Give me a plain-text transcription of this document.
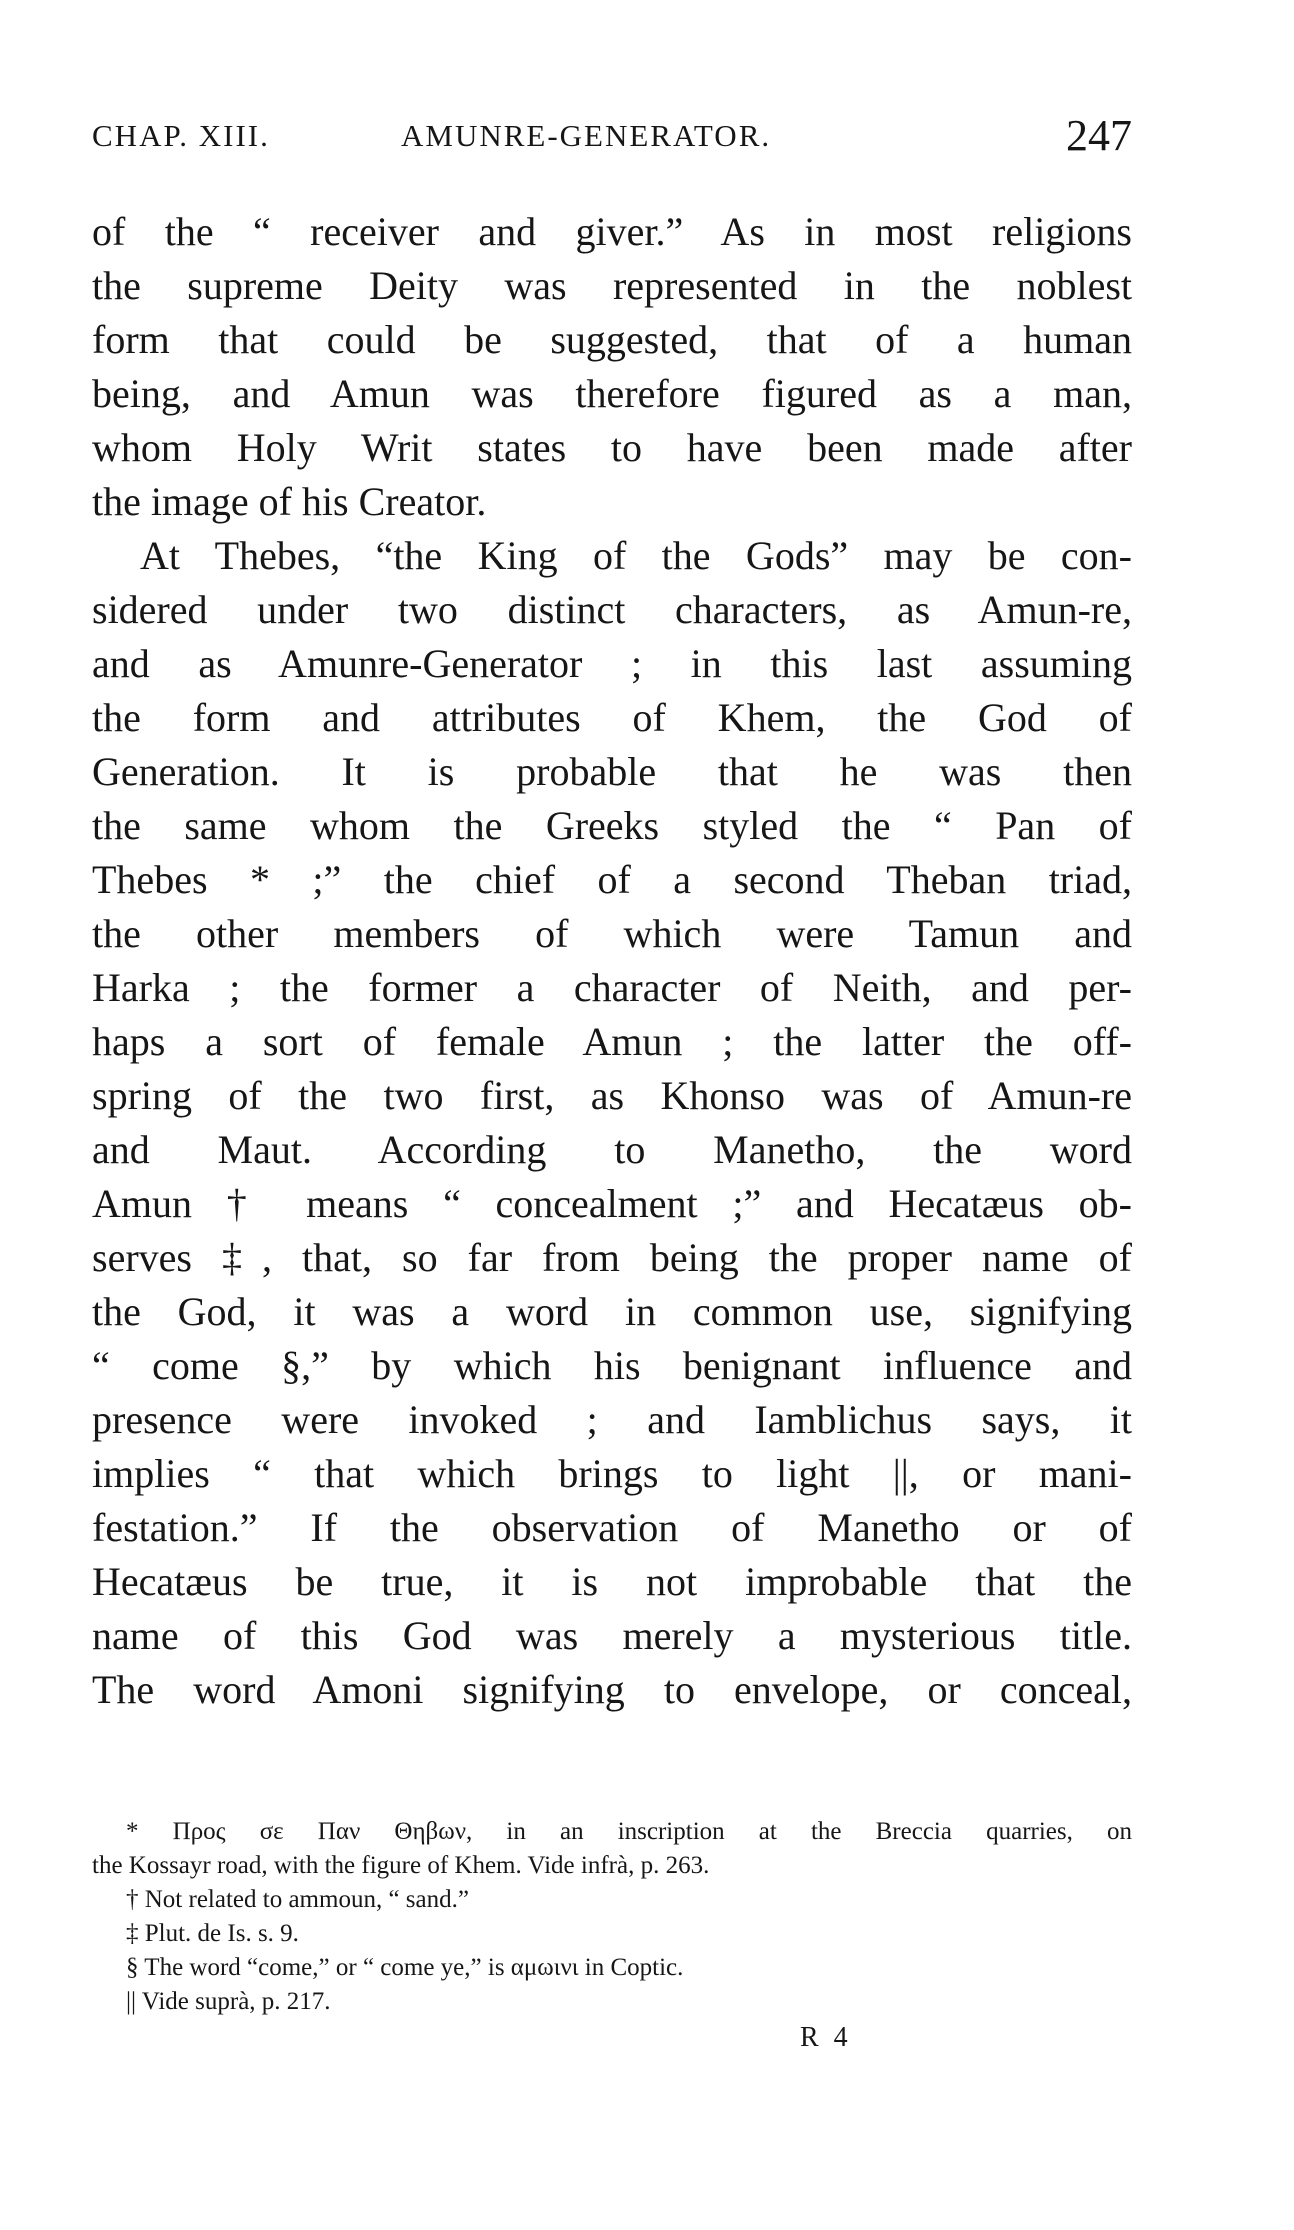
CHAP. XIII.	AMUNRE-GENERATOR.	247
of the “ receiver and giver.” As in most religions
the supreme Deity was represented in the noblest
form that could be suggested, that of a human
being, and Amun was therefore figured as a man,
whom Holy Writ states to have been made after
the image of his Creator.
At Thebes, “the King of the Gods” may be con-
sidered under two distinct characters, as Amun-re,
and as Amunre-Generator ; in this last assuming
the form and attributes of Khem, the God of
Generation. It is probable that he was then
the same whom the Greeks styled the “ Pan of
Thebes * ;” the chief of a second Theban triad,
the other members of which were Tamun and
Harka ; the former a character of Neith, and per-
haps a sort of female Amun ; the latter the off-
spring of the two first, as Khonso was of Amun-re
and Maut. According to Manetho, the word
Amun † means “ concealment ;” and Hecatæus ob-
serves ‡, that, so far from being the proper name of
the God, it was a word in common use, signifying
“ come §,” by which his benignant influence and
presence were invoked ; and Iamblichus says, it
implies “ that which brings to light ||, or mani-
festation.” If the observation of Manetho or of
Hecatæus be true, it is not improbable that the
name of this God was merely a mysterious title.
The word Amoni signifying to envelope, or conceal,
* Προς σε Παν Θηβων, in an inscription at the Breccia quarries, on
the Kossayr road, with the figure of Khem. Vide infrà, p. 263.
† Not related to ammoun, “ sand.”
‡ Plut. de Is. s. 9.
§ The word “come,” or “ come ye,” is αμωινι in Coptic.
|| Vide suprà, p. 217.
R 4
